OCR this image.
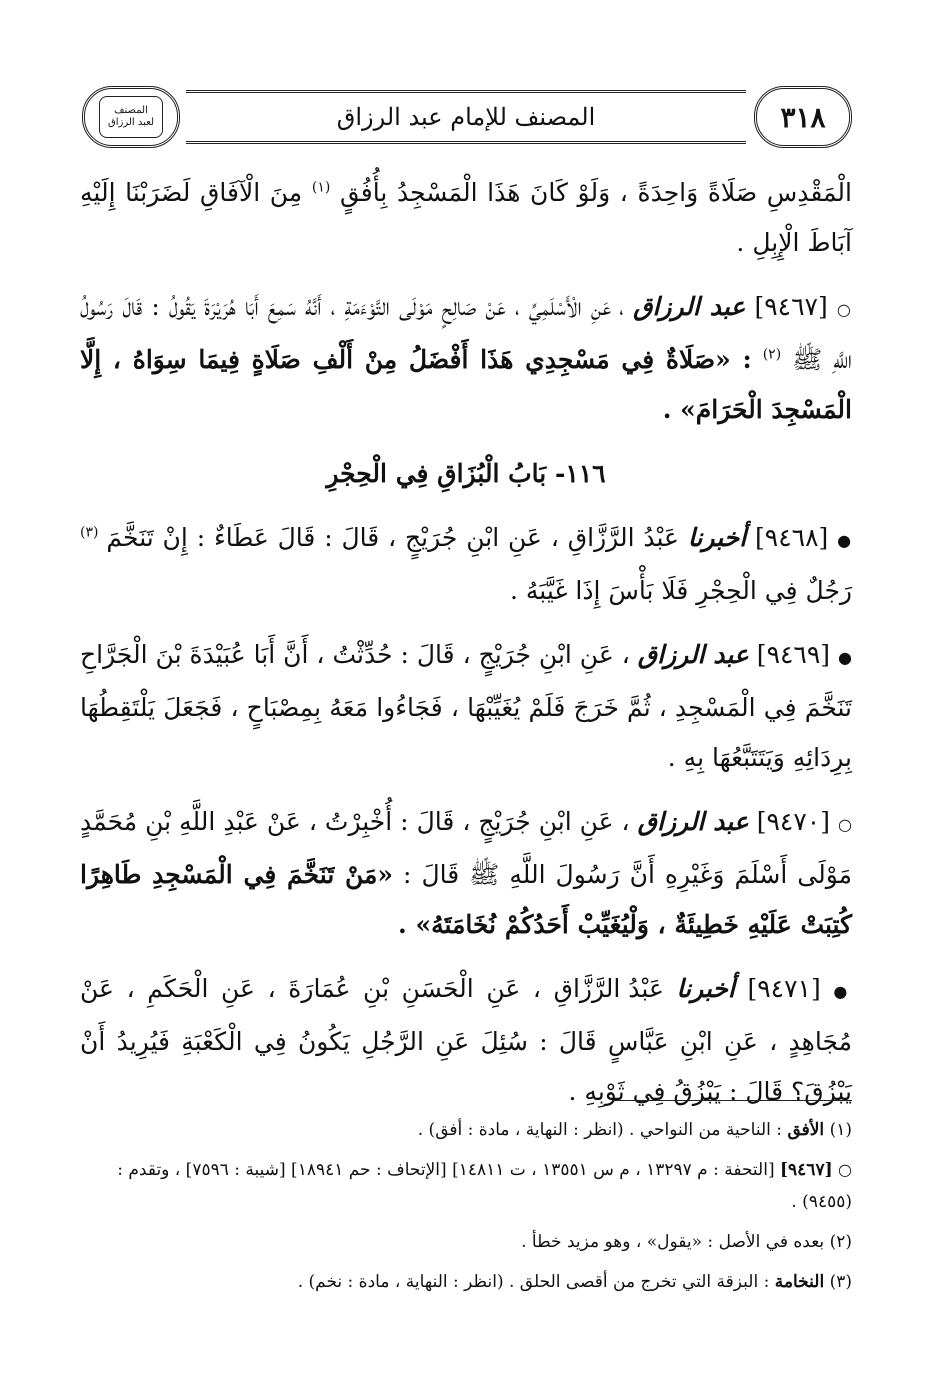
المصنف
لعبد الرزاق	المصنف للإمام عبد الرزاق	٣١٨

الْمَقْدِسِ صَلَاةً وَاحِدَةً ، وَلَوْ كَانَ هَذَا الْمَسْجِدُ بِأُفُقٍ $^{(١)}$ مِنَ الْآفَاقِ لَضَرَبْنَا إِلَيْهِ آبَاطَ الْإِبِلِ .

○ [٩٤٦٧] عبد الرزاق ، عَنِ الْأَسْلَمِيِّ ، عَنْ صَالِحٍ مَوْلَى التَّوْءَمَةِ ، أَنَّهُ سَمِعَ أَبَا هُرَيْرَةَ يَقُولُ : قَالَ رَسُولُ اللَّهِ ﷺ $^{(٢)}$ : «صَلَاةٌ فِي مَسْجِدِي هَذَا أَفْضَلُ مِنْ أَلْفِ صَلَاةٍ فِيمَا سِوَاهُ ، إِلَّا الْمَسْجِدَ الْحَرَامَ» .

١١٦- بَابُ الْبُزَاقِ فِي الْحِجْرِ

● [٩٤٦٨] أخبرنا عَبْدُ الرَّزَّاقِ ، عَنِ ابْنِ جُرَيْجٍ ، قَالَ : قَالَ عَطَاءٌ : إِنْ تَنَخَّمَ $^{(٣)}$ رَجُلٌ فِي الْحِجْرِ فَلَا بَأْسَ إِذَا غَيَّبَهُ .

● [٩٤٦٩] عبد الرزاق ، عَنِ ابْنِ جُرَيْجٍ ، قَالَ : حُدِّثْتُ ، أَنَّ أَبَا عُبَيْدَةَ بْنَ الْجَرَّاحِ تَنَخَّمَ فِي الْمَسْجِدِ ، ثُمَّ خَرَجَ فَلَمْ يُغَيِّبْهَا ، فَجَاءُوا مَعَهُ بِمِصْبَاحٍ ، فَجَعَلَ يَلْتَقِطُهَا بِرِدَائِهِ وَيَتَتَبَّعُهَا بِهِ .

○ [٩٤٧٠] عبد الرزاق ، عَنِ ابْنِ جُرَيْجٍ ، قَالَ : أُخْبِرْتُ ، عَنْ عَبْدِ اللَّهِ بْنِ مُحَمَّدٍ مَوْلَى أَسْلَمَ وَغَيْرِهِ أَنَّ رَسُولَ اللَّهِ ﷺ قَالَ : «مَنْ تَنَخَّمَ فِي الْمَسْجِدِ طَاهِرًا كُتِبَتْ عَلَيْهِ خَطِيئَةٌ ، وَلْيُغَيِّبْ أَحَدُكُمْ نُخَامَتَهُ» .

● [٩٤٧١] أخبرنا عَبْدُ الرَّزَّاقِ ، عَنِ الْحَسَنِ بْنِ عُمَارَةَ ، عَنِ الْحَكَمِ ، عَنْ مُجَاهِدٍ ، عَنِ ابْنِ عَبَّاسٍ قَالَ : سُئِلَ عَنِ الرَّجُلِ يَكُونُ فِي الْكَعْبَةِ فَيُرِيدُ أَنْ يَبْزُقَ؟ قَالَ : يَبْزُقُ فِي ثَوْبِهِ .

(١) الأفق : الناحية من النواحي . (انظر : النهاية ، مادة : أفق) .

○ [٩٤٦٧] [التحفة : م ١٣٢٩٧ ، م س ١٣٥٥١ ، ت ١٤٨١١] [الإتحاف : حم ١٨٩٤١] [شيبة : ٧٥٩٦] ، وتقدم : (٩٤٥٥) .

(٢) بعده في الأصل : «يقول» ، وهو مزيد خطأ .

(٣) النخامة : البزقة التي تخرج من أقصى الحلق . (انظر : النهاية ، مادة : نخم) .
